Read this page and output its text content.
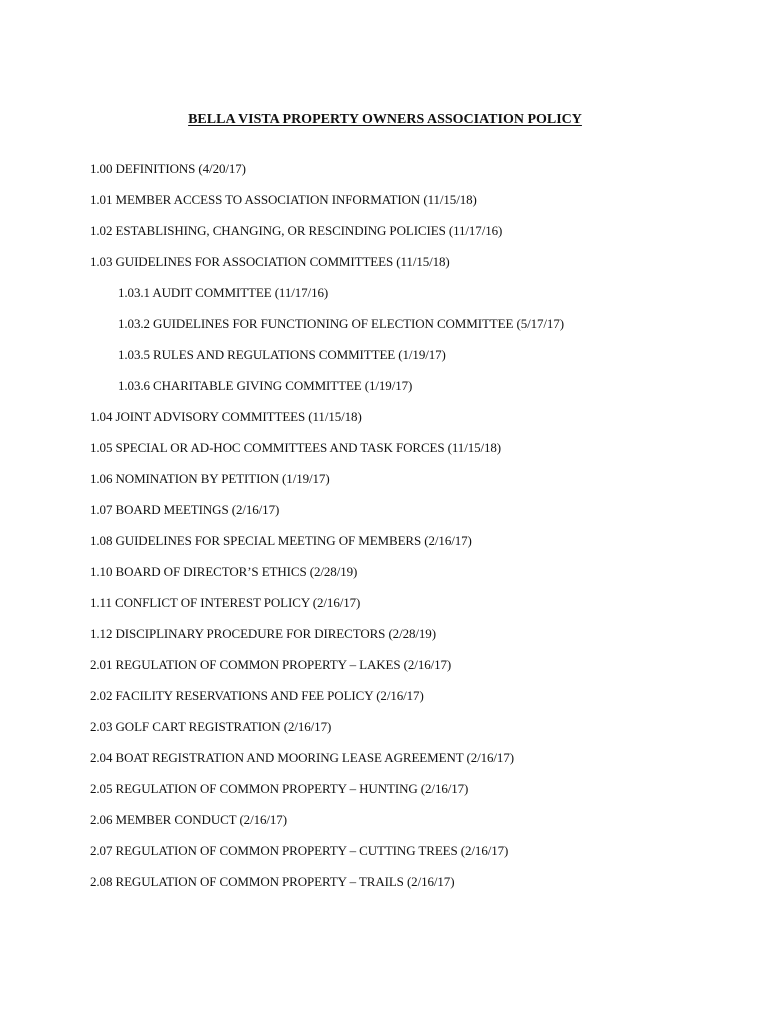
BELLA VISTA PROPERTY OWNERS ASSOCIATION POLICY
1.00 DEFINITIONS (4/20/17)
1.01 MEMBER ACCESS TO ASSOCIATION INFORMATION (11/15/18)
1.02 ESTABLISHING, CHANGING, OR RESCINDING POLICIES (11/17/16)
1.03 GUIDELINES FOR ASSOCIATION COMMITTEES (11/15/18)
1.03.1 AUDIT COMMITTEE (11/17/16)
1.03.2 GUIDELINES FOR FUNCTIONING OF ELECTION COMMITTEE (5/17/17)
1.03.5 RULES AND REGULATIONS COMMITTEE (1/19/17)
1.03.6 CHARITABLE GIVING COMMITTEE (1/19/17)
1.04 JOINT ADVISORY COMMITTEES (11/15/18)
1.05 SPECIAL OR AD-HOC COMMITTEES AND TASK FORCES (11/15/18)
1.06 NOMINATION BY PETITION (1/19/17)
1.07 BOARD MEETINGS (2/16/17)
1.08 GUIDELINES FOR SPECIAL MEETING OF MEMBERS (2/16/17)
1.10 BOARD OF DIRECTOR’S ETHICS (2/28/19)
1.11 CONFLICT OF INTEREST POLICY (2/16/17)
1.12 DISCIPLINARY PROCEDURE FOR DIRECTORS (2/28/19)
2.01 REGULATION OF COMMON PROPERTY – LAKES (2/16/17)
2.02 FACILITY RESERVATIONS AND FEE POLICY (2/16/17)
2.03 GOLF CART REGISTRATION (2/16/17)
2.04 BOAT REGISTRATION AND MOORING LEASE AGREEMENT (2/16/17)
2.05 REGULATION OF COMMON PROPERTY – HUNTING (2/16/17)
2.06 MEMBER CONDUCT (2/16/17)
2.07 REGULATION OF COMMON PROPERTY – CUTTING TREES (2/16/17)
2.08 REGULATION OF COMMON PROPERTY – TRAILS (2/16/17)
